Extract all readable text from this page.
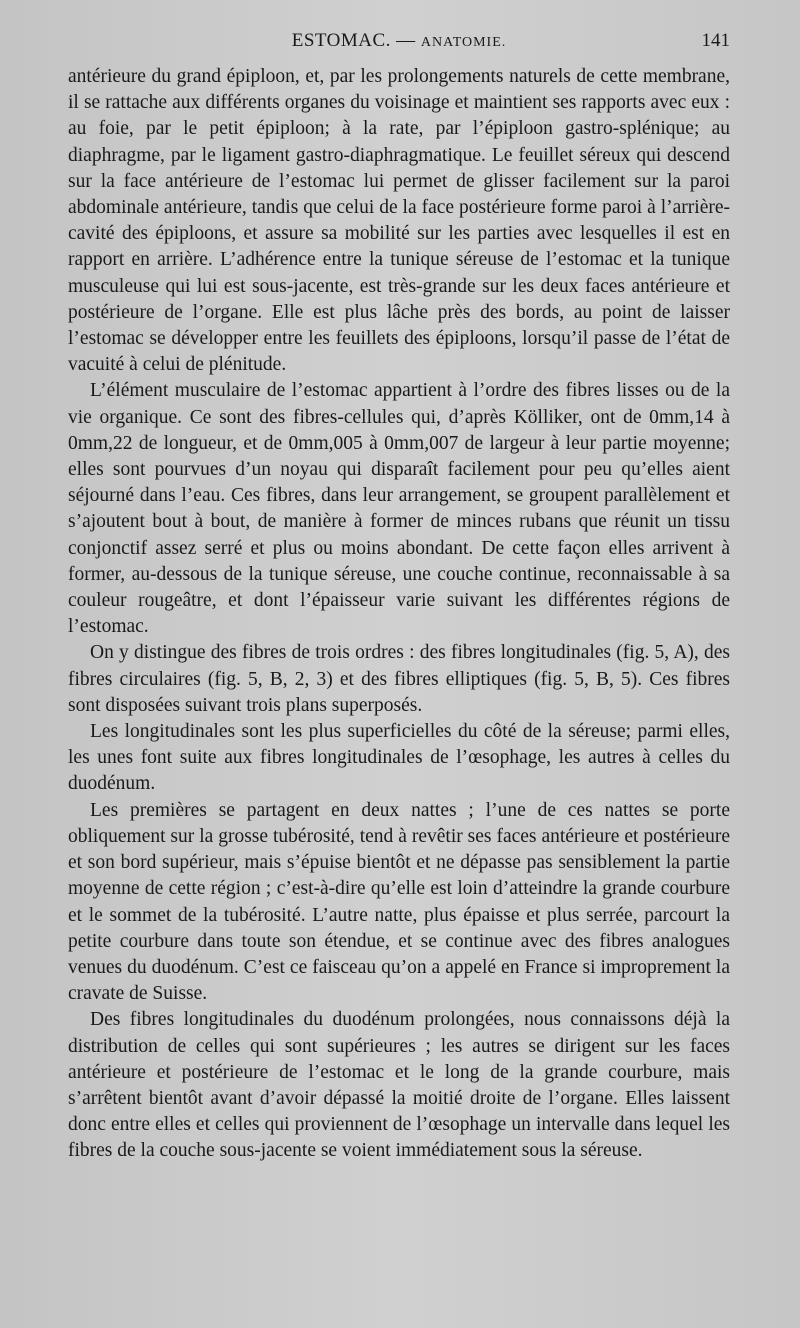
ESTOMAC. — ANATOMIE.	141

antérieure du grand épiploon, et, par les prolongements naturels de cette membrane, il se rattache aux différents organes du voisinage et maintient ses rapports avec eux : au foie, par le petit épiploon; à la rate, par l’épiploon gastro-splénique; au diaphragme, par le ligament gastro-diaphragmatique. Le feuillet séreux qui descend sur la face antérieure de l’estomac lui permet de glisser facilement sur la paroi abdominale antérieure, tandis que celui de la face postérieure forme paroi à l’arrière-cavité des épiploons, et assure sa mobilité sur les parties avec lesquelles il est en rapport en arrière. L’adhérence entre la tunique séreuse de l’estomac et la tunique musculeuse qui lui est sous-jacente, est très-grande sur les deux faces antérieure et postérieure de l’organe. Elle est plus lâche près des bords, au point de laisser l’estomac se développer entre les feuillets des épiploons, lorsqu’il passe de l’état de vacuité à celui de plénitude.

L’élément musculaire de l’estomac appartient à l’ordre des fibres lisses ou de la vie organique. Ce sont des fibres-cellules qui, d’après Kölliker, ont de 0mm,14 à 0mm,22 de longueur, et de 0mm,005 à 0mm,007 de largeur à leur partie moyenne; elles sont pourvues d’un noyau qui disparaît facilement pour peu qu’elles aient séjourné dans l’eau. Ces fibres, dans leur arrangement, se groupent parallèlement et s’ajoutent bout à bout, de manière à former de minces rubans que réunit un tissu conjonctif assez serré et plus ou moins abondant. De cette façon elles arrivent à former, au-dessous de la tunique séreuse, une couche continue, reconnaissable à sa couleur rougeâtre, et dont l’épaisseur varie suivant les différentes régions de l’estomac.

On y distingue des fibres de trois ordres : des fibres longitudinales (fig. 5, A), des fibres circulaires (fig. 5, B, 2, 3) et des fibres elliptiques (fig. 5, B, 5). Ces fibres sont disposées suivant trois plans superposés.

Les longitudinales sont les plus superficielles du côté de la séreuse; parmi elles, les unes font suite aux fibres longitudinales de l’œsophage, les autres à celles du duodénum.

Les premières se partagent en deux nattes ; l’une de ces nattes se porte obliquement sur la grosse tubérosité, tend à revêtir ses faces antérieure et postérieure et son bord supérieur, mais s’épuise bientôt et ne dépasse pas sensiblement la partie moyenne de cette région ; c’est-à-dire qu’elle est loin d’atteindre la grande courbure et le sommet de la tubérosité. L’autre natte, plus épaisse et plus serrée, parcourt la petite courbure dans toute son étendue, et se continue avec des fibres analogues venues du duodénum. C’est ce faisceau qu’on a appelé en France si improprement la cravate de Suisse.

Des fibres longitudinales du duodénum prolongées, nous connaissons déjà la distribution de celles qui sont supérieures ; les autres se dirigent sur les faces antérieure et postérieure de l’estomac et le long de la grande courbure, mais s’arrêtent bientôt avant d’avoir dépassé la moitié droite de l’organe. Elles laissent donc entre elles et celles qui proviennent de l’œsophage un intervalle dans lequel les fibres de la couche sous-jacente se voient immédiatement sous la séreuse.
